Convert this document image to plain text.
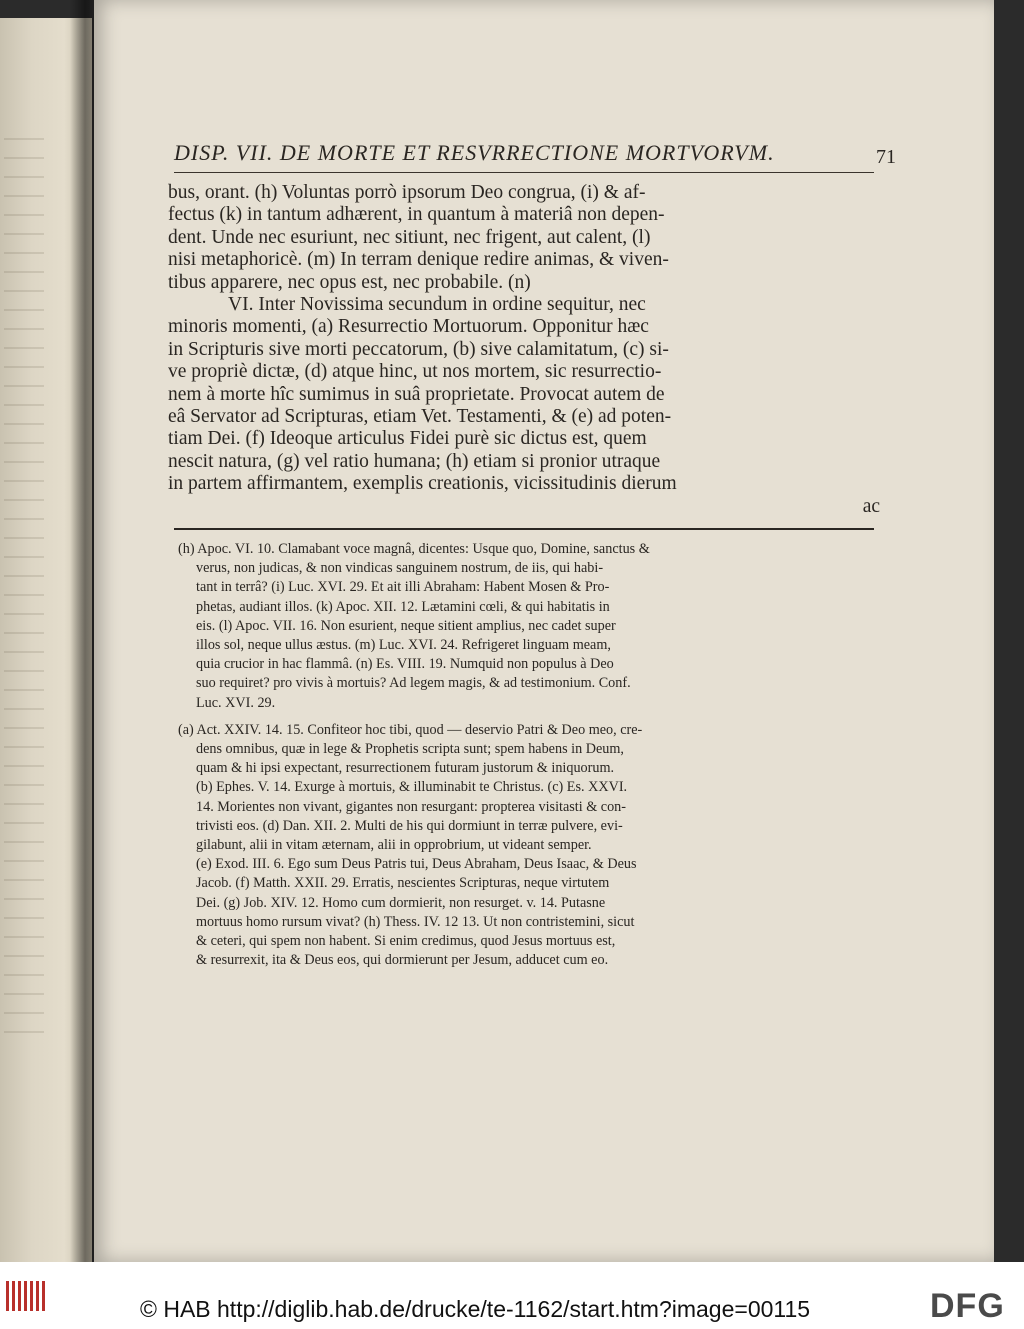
DISP. VII. DE MORTE ET RESVRRECTIONE MORTVORVM.	71
bus, orant. (h) Voluntas porrò ipsorum Deo congrua, (i) & af-
fectus (k) in tantum adhærent, in quantum à materiâ non depen-
dent. Unde nec esuriunt, nec sitiunt, nec frigent, aut calent, (l)
nisi metaphoricè. (m) In terram denique redire animas, & viven-
tibus apparere, nec opus est, nec probabile. (n)
VI. Inter Novissima secundum in ordine sequitur, nec
minoris momenti, (a) Resurrectio Mortuorum. Opponitur hæc
in Scripturis sive morti peccatorum, (b) sive calamitatum, (c) si-
ve propriè dictæ, (d) atque hinc, ut nos mortem, sic resurrectio-
nem à morte hîc sumimus in suâ proprietate. Provocat autem de
eâ Servator ad Scripturas, etiam Vet. Testamenti, & (e) ad poten-
tiam Dei. (f) Ideoque articulus Fidei purè sic dictus est, quem
nescit natura, (g) vel ratio humana; (h) etiam si pronior utraque
in partem affirmantem, exemplis creationis, vicissitudinis dierum
ac
(h) Apoc. VI. 10. Clamabant voce magnâ, dicentes: Usque quo, Domine, sanctus &
verus, non judicas, & non vindicas sanguinem nostrum, de iis, qui habi-
tant in terrâ? (i) Luc. XVI. 29. Et ait illi Abraham: Habent Mosen & Pro-
phetas, audiant illos. (k) Apoc. XII. 12. Lætamini cœli, & qui habitatis in
eis. (l) Apoc. VII. 16. Non esurient, neque sitient amplius, nec cadet super
illos sol, neque ullus æstus. (m) Luc. XVI. 24. Refrigeret linguam meam,
quia crucior in hac flammâ. (n) Es. VIII. 19. Numquid non populus à Deo
suo requiret? pro vivis à mortuis? Ad legem magis, & ad testimonium. Conf.
Luc. XVI. 29.
(a) Act. XXIV. 14. 15. Confiteor hoc tibi, quod — deservio Patri & Deo meo, cre-
dens omnibus, quæ in lege & Prophetis scripta sunt; spem habens in Deum,
quam & hi ipsi expectant, resurrectionem futuram justorum & iniquorum.
(b) Ephes. V. 14. Exurge à mortuis, & illuminabit te Christus. (c) Es. XXVI.
14. Morientes non vivant, gigantes non resurgant: propterea visitasti & con-
trivisti eos. (d) Dan. XII. 2. Multi de his qui dormiunt in terræ pulvere, evi-
gilabunt, alii in vitam æternam, alii in opprobrium, ut videant semper.
(e) Exod. III. 6. Ego sum Deus Patris tui, Deus Abraham, Deus Isaac, & Deus
Jacob. (f) Matth. XXII. 29. Erratis, nescientes Scripturas, neque virtutem
Dei. (g) Job. XIV. 12. Homo cum dormierit, non resurget. v. 14. Putasne
mortuus homo rursum vivat? (h) Thess. IV. 12 13. Ut non contristemini, sicut
& ceteri, qui spem non habent. Si enim credimus, quod Jesus mortuus est,
& resurrexit, ita & Deus eos, qui dormierunt per Jesum, adducet cum eo.
© HAB http://diglib.hab.de/drucke/te-1162/start.htm?image=00115	DFG
